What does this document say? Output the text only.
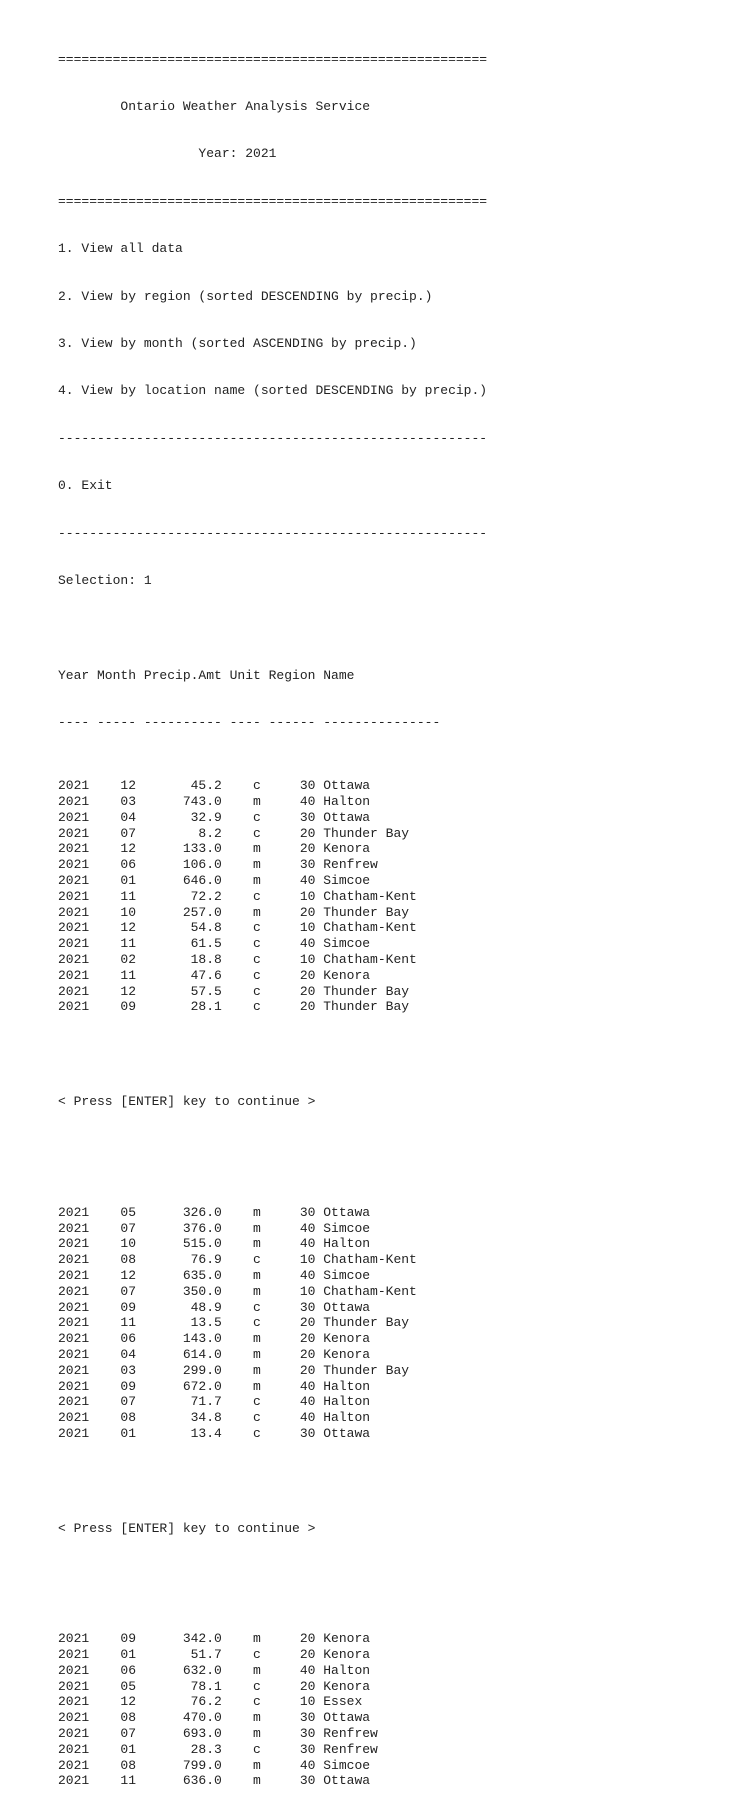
=======================================================

Ontario Weather Analysis Service

Year: 2021

=======================================================

1. View all data

2. View by region (sorted DESCENDING by precip.)

3. View by month (sorted ASCENDING by precip.)

4. View by location name (sorted DESCENDING by precip.)

-------------------------------------------------------

0. Exit

-------------------------------------------------------

Selection: 1

Year Month Precip.Amt Unit Region Name

---- ----- ---------- ---- ------ ---------------

2021    12       45.2    c     30 Ottawa
2021    03      743.0    m     40 Halton
2021    04       32.9    c     30 Ottawa
2021    07        8.2    c     20 Thunder Bay
2021    12      133.0    m     20 Kenora
2021    06      106.0    m     30 Renfrew
2021    01      646.0    m     40 Simcoe
2021    11       72.2    c     10 Chatham-Kent
2021    10      257.0    m     20 Thunder Bay
2021    12       54.8    c     10 Chatham-Kent
2021    11       61.5    c     40 Simcoe
2021    02       18.8    c     10 Chatham-Kent
2021    11       47.6    c     20 Kenora
2021    12       57.5    c     20 Thunder Bay
2021    09       28.1    c     20 Thunder Bay

< Press [ENTER] key to continue >

2021    05      326.0    m     30 Ottawa
2021    07      376.0    m     40 Simcoe
2021    10      515.0    m     40 Halton
2021    08       76.9    c     10 Chatham-Kent
2021    12      635.0    m     40 Simcoe
2021    07      350.0    m     10 Chatham-Kent
2021    09       48.9    c     30 Ottawa
2021    11       13.5    c     20 Thunder Bay
2021    06      143.0    m     20 Kenora
2021    04      614.0    m     20 Kenora
2021    03      299.0    m     20 Thunder Bay
2021    09      672.0    m     40 Halton
2021    07       71.7    c     40 Halton
2021    08       34.8    c     40 Halton
2021    01       13.4    c     30 Ottawa

< Press [ENTER] key to continue >

2021    09      342.0    m     20 Kenora
2021    01       51.7    c     20 Kenora
2021    06      632.0    m     40 Halton
2021    05       78.1    c     20 Kenora
2021    12       76.2    c     10 Essex
2021    08      470.0    m     30 Ottawa
2021    07      693.0    m     30 Renfrew
2021    01       28.3    c     30 Renfrew
2021    08      799.0    m     40 Simcoe
2021    11      636.0    m     30 Ottawa
